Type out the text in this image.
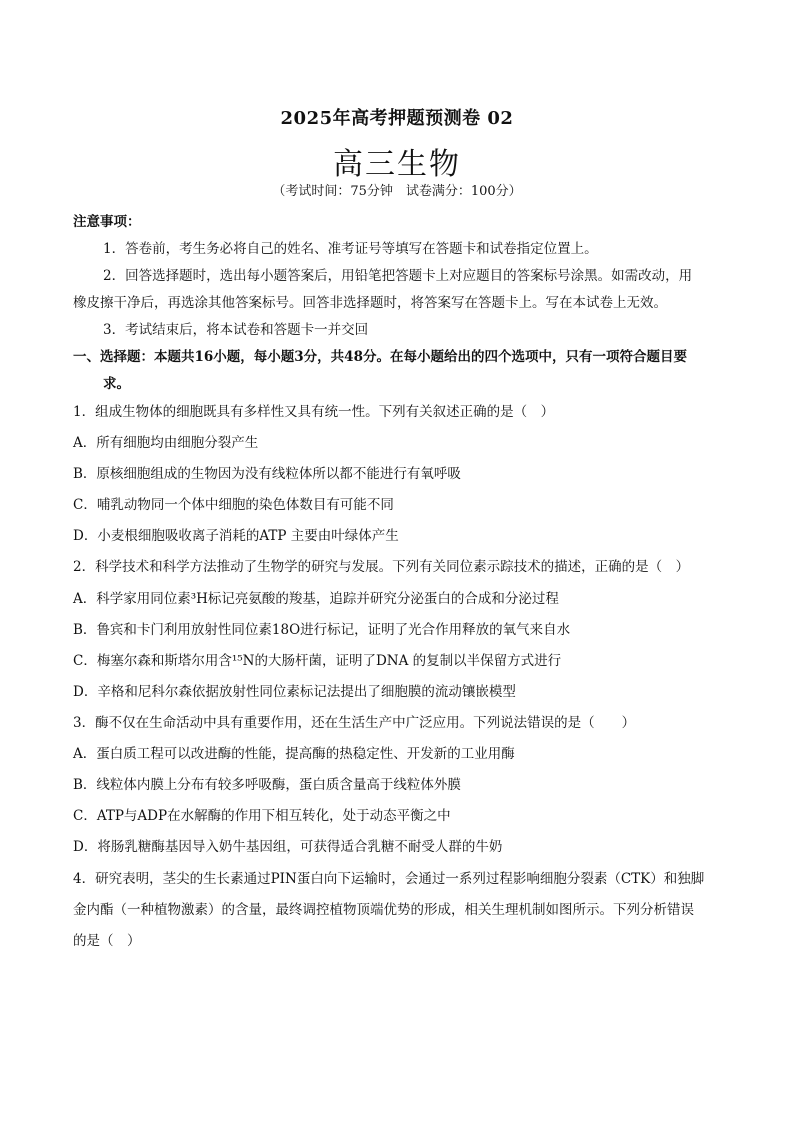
2025年高考押题预测卷 02
高三生物
（考试时间：75分钟　试卷满分：100分）
注意事项：
1．答卷前，考生务必将自己的姓名、准考证号等填写在答题卡和试卷指定位置上。
2．回答选择题时，选出每小题答案后，用铅笔把答题卡上对应题目的答案标号涂黑。如需改动，用
橡皮擦干净后，再选涂其他答案标号。回答非选择题时，将答案写在答题卡上。写在本试卷上无效。
3．考试结束后，将本试卷和答题卡一并交回
一、选择题：本题共16小题，每小题3分，共48分。在每小题给出的四个选项中，只有一项符合题目要
求。
1．组成生物体的细胞既具有多样性又具有统一性。下列有关叙述正确的是（　）
A．所有细胞均由细胞分裂产生
B．原核细胞组成的生物因为没有线粒体所以都不能进行有氧呼吸
C．哺乳动物同一个体中细胞的染色体数目有可能不同
D．小麦根细胞吸收离子消耗的ATP 主要由叶绿体产生
2．科学技术和科学方法推动了生物学的研究与发展。下列有关同位素示踪技术的描述，正确的是（　）
A．科学家用同位素³H标记亮氨酸的羧基，追踪并研究分泌蛋白的合成和分泌过程
B．鲁宾和卡门利用放射性同位素18O进行标记，证明了光合作用释放的氧气来自水
C．梅塞尔森和斯塔尔用含¹⁵N的大肠杆菌，证明了DNA 的复制以半保留方式进行
D．辛格和尼科尔森依据放射性同位素标记法提出了细胞膜的流动镶嵌模型
3．酶不仅在生命活动中具有重要作用，还在生活生产中广泛应用。下列说法错误的是（　　）
A．蛋白质工程可以改进酶的性能，提高酶的热稳定性、开发新的工业用酶
B．线粒体内膜上分布有较多呼吸酶，蛋白质含量高于线粒体外膜
C．ATP与ADP在水解酶的作用下相互转化，处于动态平衡之中
D．将肠乳糖酶基因导入奶牛基因组，可获得适合乳糖不耐受人群的牛奶
4．研究表明，茎尖的生长素通过PIN蛋白向下运输时，会通过一系列过程影响细胞分裂素（CTK）和独脚
金内酯（一种植物激素）的含量，最终调控植物顶端优势的形成，相关生理机制如图所示。下列分析错误
的是（　）
